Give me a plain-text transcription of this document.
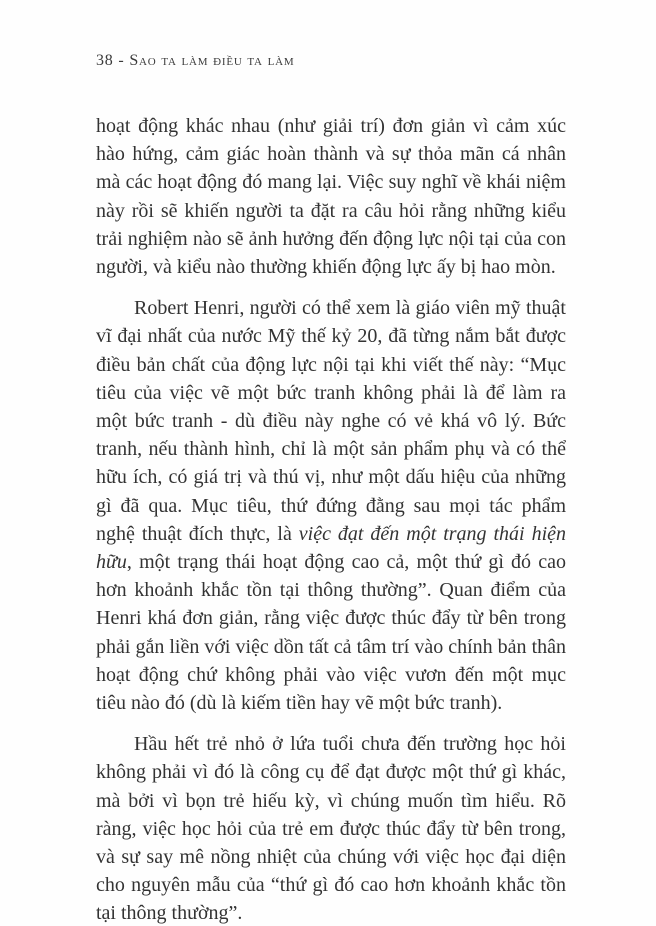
38 - Sao ta làm điều ta làm

hoạt động khác nhau (như giải trí) đơn giản vì cảm xúc hào hứng, cảm giác hoàn thành và sự thỏa mãn cá nhân mà các hoạt động đó mang lại. Việc suy nghĩ về khái niệm này rồi sẽ khiến người ta đặt ra câu hỏi rằng những kiểu trải nghiệm nào sẽ ảnh hưởng đến động lực nội tại của con người, và kiểu nào thường khiến động lực ấy bị hao mòn.

Robert Henri, người có thể xem là giáo viên mỹ thuật vĩ đại nhất của nước Mỹ thế kỷ 20, đã từng nắm bắt được điều bản chất của động lực nội tại khi viết thế này: “Mục tiêu của việc vẽ một bức tranh không phải là để làm ra một bức tranh - dù điều này nghe có vẻ khá vô lý. Bức tranh, nếu thành hình, chỉ là một sản phẩm phụ và có thể hữu ích, có giá trị và thú vị, như một dấu hiệu của những gì đã qua. Mục tiêu, thứ đứng đằng sau mọi tác phẩm nghệ thuật đích thực, là việc đạt đến một trạng thái hiện hữu, một trạng thái hoạt động cao cả, một thứ gì đó cao hơn khoảnh khắc tồn tại thông thường”. Quan điểm của Henri khá đơn giản, rằng việc được thúc đẩy từ bên trong phải gắn liền với việc dồn tất cả tâm trí vào chính bản thân hoạt động chứ không phải vào việc vươn đến một mục tiêu nào đó (dù là kiếm tiền hay vẽ một bức tranh).

Hầu hết trẻ nhỏ ở lứa tuổi chưa đến trường học hỏi không phải vì đó là công cụ để đạt được một thứ gì khác, mà bởi vì bọn trẻ hiếu kỳ, vì chúng muốn tìm hiểu. Rõ ràng, việc học hỏi của trẻ em được thúc đẩy từ bên trong, và sự say mê nồng nhiệt của chúng với việc học đại diện cho nguyên mẫu của “thứ gì đó cao hơn khoảnh khắc tồn tại thông thường”.
